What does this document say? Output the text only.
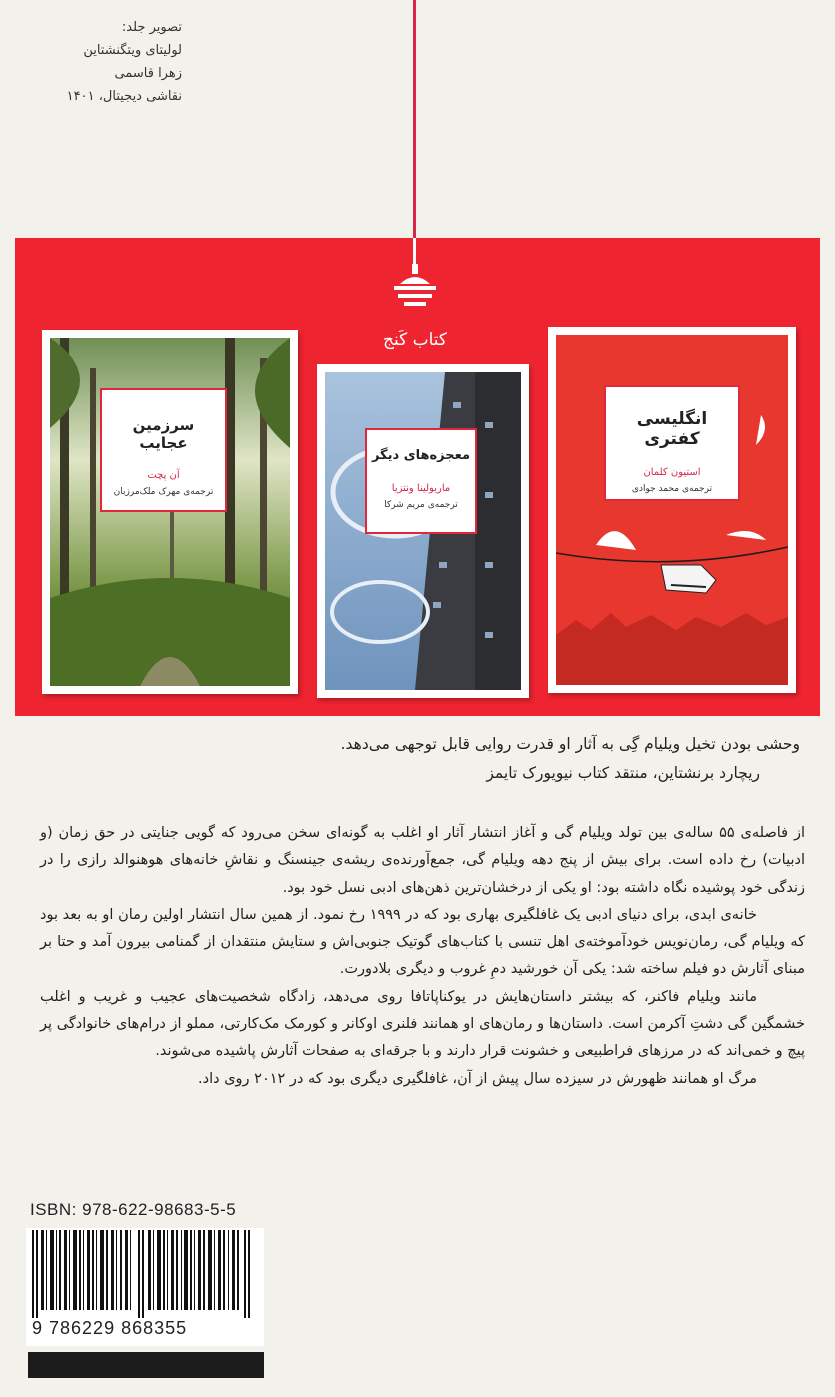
تصویر جلد:
لولیتای ویتگنشتاین
زهرا قاسمی
نقاشی دیجیتال، ۱۴۰۱
کتاب کَنج
سرزمین عجایب
آن پچت
ترجمه‌ی مهرک ملک‌مرزبان
معجزه‌های دیگر
ماریولینا ونتزیا
ترجمه‌ی مریم شرکا
انگلیسی کفتری
استیون کلمان
ترجمه‌ی محمد جوادی
وحشی بودن تخیل ویلیام گِی به آثار او قدرت روایی قابل توجهی می‌دهد.
ریچارد برنشتاین، منتقد کتاب نیویورک تایمز

از فاصله‌ی ۵۵ ساله‌ی بین تولد ویلیام گی و آغاز انتشار آثار او اغلب به گونه‌ای سخن می‌رود که گویی جنایتی در حق زمان (و ادبیات) رخ داده است. برای بیش از پنج دهه ویلیام گی، جمع‌آورنده‌ی ریشه‌ی جینسنگ و نقاشِ خانه‌های هوهنوالد رازی را در زندگی خود پوشیده نگاه داشته بود: او یکی از درخشان‌ترین ذهن‌های ادبی نسل خود بود.

خانه‌ی ابدی، برای دنیای ادبی یک غافلگیری بهاری بود که در ۱۹۹۹ رخ نمود. از همین سال انتشار اولین رمان او به بعد بود که ویلیام گی، رمان‌نویس خودآموخته‌ی اهل تنسی با کتاب‌های گوتیک جنوبی‌اش و ستایش منتقدان از گمنامی بیرون آمد و حتا بر مبنای آثارش دو فیلم ساخته شد: یکی آن خورشید دمِ غروب و دیگری بلادورت.

مانند ویلیام فاکنر، که بیشتر داستان‌هایش در یوکناپاتافا روی می‌دهد، زادگاه شخصیت‌های عجیب و غریب و اغلب خشمگین گی دشتِ آکرمن است. داستان‌ها و رمان‌های او همانند فلنری اوکانر و کورمک مک‌کارتی، مملو از درام‌های خانوادگی پر پیچ و خمی‌اند که در مرزهای فراطبیعی و خشونت قرار دارند و با جرقه‌ای به صفحات آثارش پاشیده می‌شوند.

مرگ او همانند ظهورش در سیزده سال پیش از آن، غافلگیری دیگری بود که در ۲۰۱۲ روی داد.

ISBN: 978-622-98683-5-5
9 786229 868355
